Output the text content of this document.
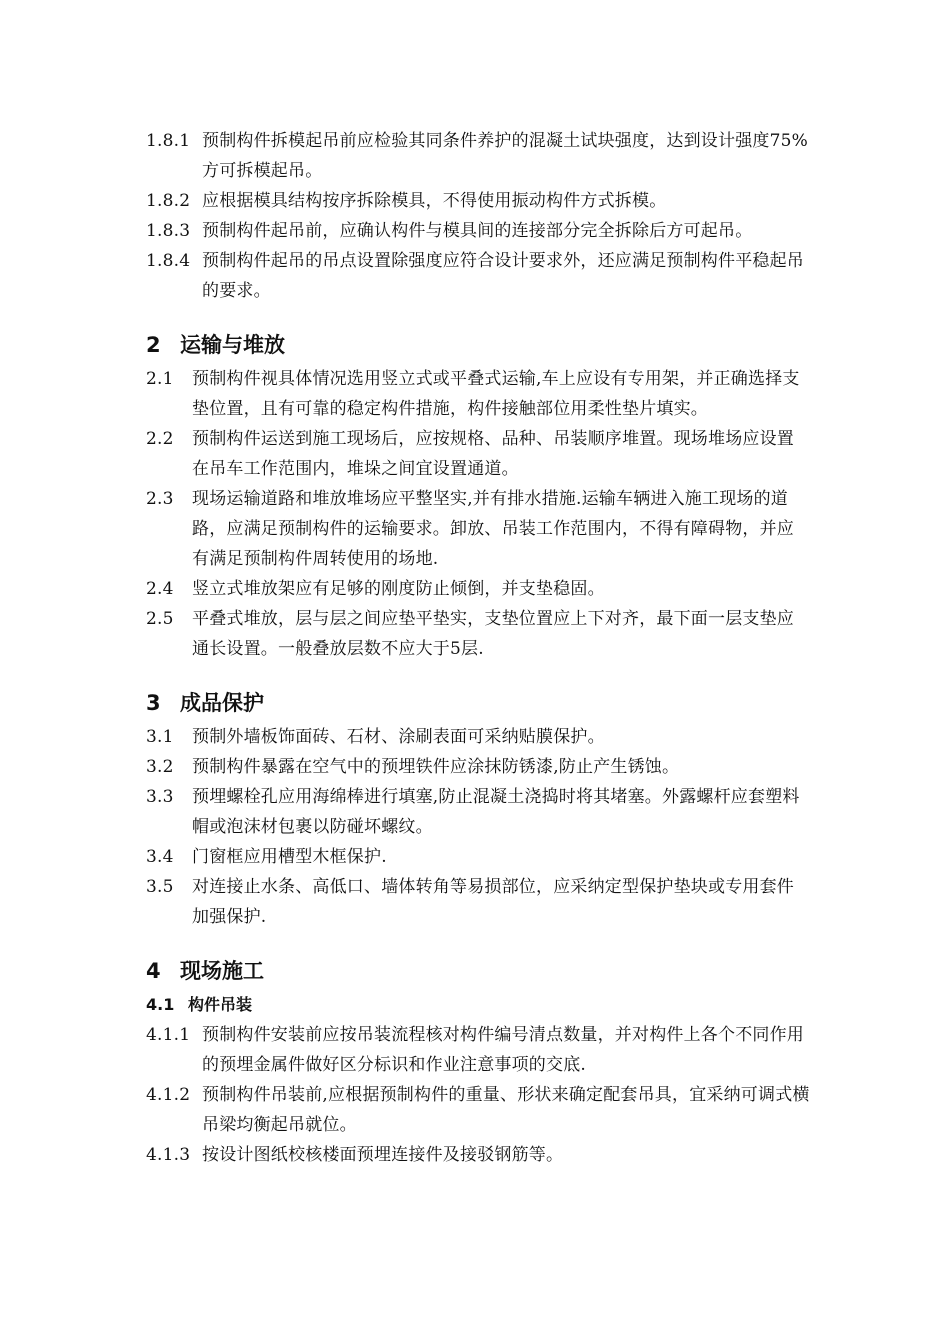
1.8.1 预制构件拆模起吊前应检验其同条件养护的混凝土试块强度，达到设计强度75%方可拆模起吊。
1.8.2 应根据模具结构按序拆除模具，不得使用振动构件方式拆模。
1.8.3 预制构件起吊前，应确认构件与模具间的连接部分完全拆除后方可起吊。
1.8.4 预制构件起吊的吊点设置除强度应符合设计要求外，还应满足预制构件平稳起吊的要求。
2 运输与堆放
2.1 预制构件视具体情况选用竖立式或平叠式运输,车上应设有专用架，并正确选择支垫位置，且有可靠的稳定构件措施，构件接触部位用柔性垫片填实。
2.2 预制构件运送到施工现场后，应按规格、品种、吊装顺序堆置。现场堆场应设置在吊车工作范围内，堆垛之间宜设置通道。
2.3 现场运输道路和堆放堆场应平整坚实,并有排水措施.运输车辆进入施工现场的道路，应满足预制构件的运输要求。卸放、吊装工作范围内，不得有障碍物，并应有满足预制构件周转使用的场地.
2.4 竖立式堆放架应有足够的刚度防止倾倒，并支垫稳固。
2.5 平叠式堆放，层与层之间应垫平垫实，支垫位置应上下对齐，最下面一层支垫应通长设置。一般叠放层数不应大于5层.
3 成品保护
3.1 预制外墙板饰面砖、石材、涂刷表面可采纳贴膜保护。
3.2 预制构件暴露在空气中的预埋铁件应涂抹防锈漆,防止产生锈蚀。
3.3 预埋螺栓孔应用海绵棒进行填塞,防止混凝土浇捣时将其堵塞。外露螺杆应套塑料帽或泡沫材包裹以防碰坏螺纹。
3.4 门窗框应用槽型木框保护.
3.5 对连接止水条、高低口、墙体转角等易损部位，应采纳定型保护垫块或专用套件加强保护.
4 现场施工
4.1 构件吊装
4.1.1 预制构件安装前应按吊装流程核对构件编号清点数量，并对构件上各个不同作用的预埋金属件做好区分标识和作业注意事项的交底.
4.1.2 预制构件吊装前,应根据预制构件的重量、形状来确定配套吊具，宜采纳可调式横吊梁均衡起吊就位。
4.1.3 按设计图纸校核楼面预埋连接件及接驳钢筋等。
